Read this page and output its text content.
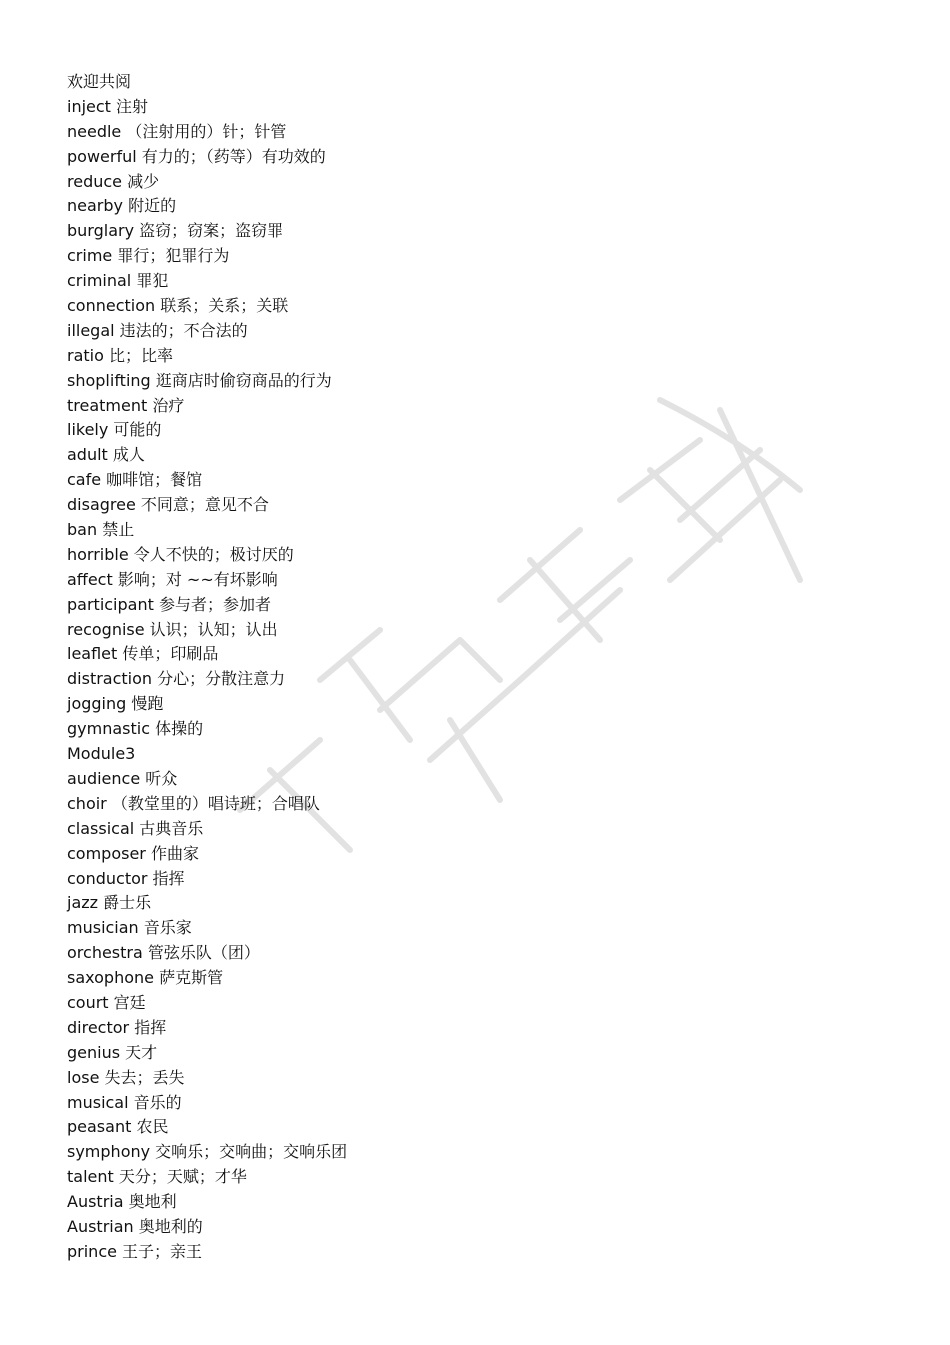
欢迎共阅
inject 注射
needle （注射用的）针；针管
powerful 有力的；（药等）有功效的
reduce 减少
nearby 附近的
burglary 盗窃；窃案；盗窃罪
crime 罪行；犯罪行为
criminal 罪犯
connection 联系；关系；关联
illegal 违法的；不合法的
ratio 比；比率
shoplifting 逛商店时偷窃商品的行为
treatment 治疗
likely 可能的
adult 成人
cafe 咖啡馆；餐馆
disagree 不同意；意见不合
ban 禁止
horrible 令人不快的；极讨厌的
affect 影响；对 ~~有坏影响
participant 参与者；参加者
recognise 认识；认知；认出
leaflet 传单；印刷品
distraction 分心；分散注意力
jogging 慢跑
gymnastic 体操的
Module3
audience 听众
choir （教堂里的）唱诗班；合唱队
classical 古典音乐
composer 作曲家
conductor 指挥
jazz 爵士乐
musician 音乐家
orchestra 管弦乐队（团）
saxophone 萨克斯管
court 宫廷
director 指挥
genius 天才
lose 失去；丢失
musical 音乐的
peasant 农民
symphony 交响乐；交响曲；交响乐团
talent 天分；天赋；才华
Austria 奥地利
Austrian 奥地利的
prince 王子；亲王
